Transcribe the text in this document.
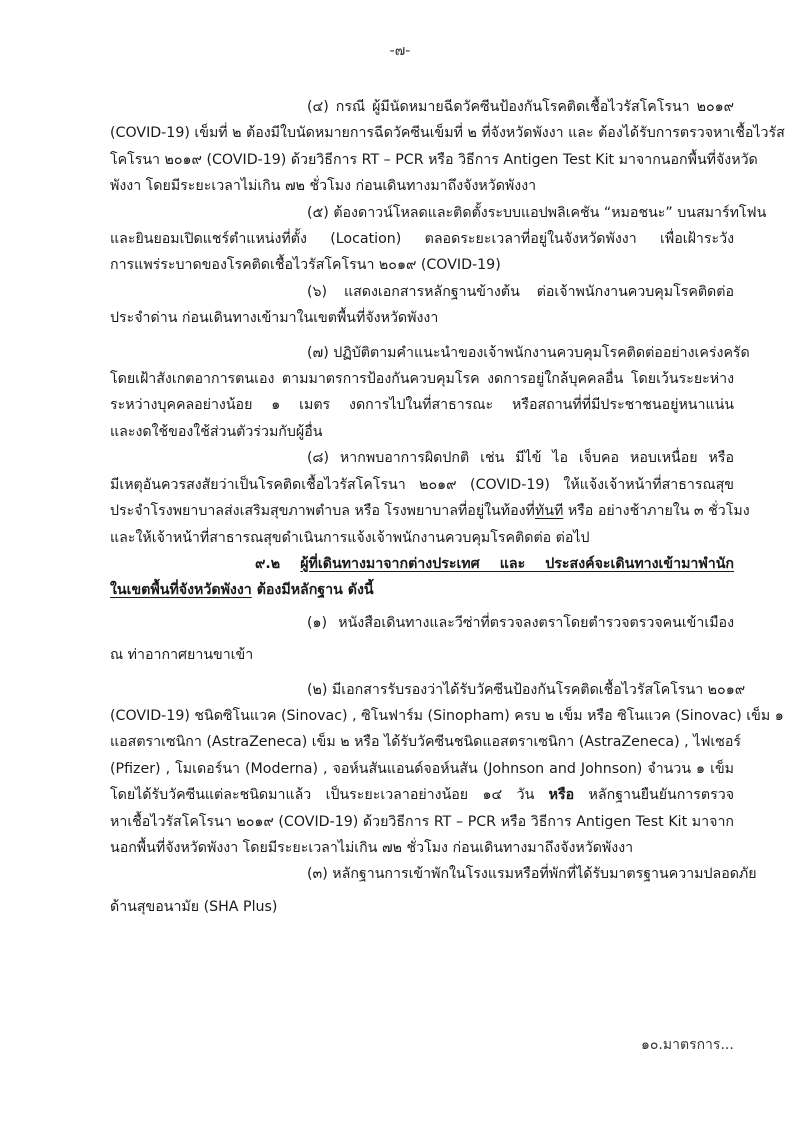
-๗-
(๔) กรณี ผู้มีนัดหมายฉีดวัคซีนป้องกันโรคติดเชื้อไวรัสโคโรนา ๒๐๑๙
(COVID-19) เข็มที่ ๒ ต้องมีใบนัดหมายการฉีดวัคซีนเข็มที่ ๒ ที่จังหวัดพังงา และ ต้องได้รับการตรวจหาเชื้อไวรัส
โคโรนา ๒๐๑๙ (COVID-19) ด้วยวิธีการ RT – PCR หรือ วิธีการ Antigen Test Kit มาจากนอกพื้นที่จังหวัด
พังงา โดยมีระยะเวลาไม่เกิน ๗๒ ชั่วโมง ก่อนเดินทางมาถึงจังหวัดพังงา
(๕) ต้องดาวน์โหลดและติดตั้งระบบแอปพลิเคชัน “หมอชนะ” บนสมาร์ทโฟน
และยินยอมเปิดแชร์ตำแหน่งที่ตั้ง (Location) ตลอดระยะเวลาที่อยู่ในจังหวัดพังงา เพื่อเฝ้าระวัง
การแพร่ระบาดของโรคติดเชื้อไวรัสโคโรนา ๒๐๑๙ (COVID-19)
(๖) แสดงเอกสารหลักฐานข้างต้น ต่อเจ้าพนักงานควบคุมโรคติดต่อ
ประจำด่าน ก่อนเดินทางเข้ามาในเขตพื้นที่จังหวัดพังงา
(๗) ปฏิบัติตามคำแนะนำของเจ้าพนักงานควบคุมโรคติดต่ออย่างเคร่งครัด
โดยเฝ้าสังเกตอาการตนเอง ตามมาตรการป้องกันควบคุมโรค งดการอยู่ใกล้บุคคลอื่น โดยเว้นระยะห่าง
ระหว่างบุคคลอย่างน้อย ๑ เมตร งดการไปในที่สาธารณะ หรือสถานที่ที่มีประชาชนอยู่หนาแน่น
และงดใช้ของใช้ส่วนตัวร่วมกับผู้อื่น
(๘) หากพบอาการผิดปกติ เช่น มีไข้ ไอ เจ็บคอ หอบเหนื่อย หรือ
มีเหตุอันควรสงสัยว่าเป็นโรคติดเชื้อไวรัสโคโรนา ๒๐๑๙ (COVID-19) ให้แจ้งเจ้าหน้าที่สาธารณสุข
ประจำโรงพยาบาลส่งเสริมสุขภาพตำบล หรือ โรงพยาบาลที่อยู่ในท้องที่ทันที หรือ อย่างช้าภายใน ๓ ชั่วโมง
และให้เจ้าหน้าที่สาธารณสุขดำเนินการแจ้งเจ้าพนักงานควบคุมโรคติดต่อ ต่อไป
๙.๒ ผู้ที่เดินทางมาจากต่างประเทศ และ ประสงค์จะเดินทางเข้ามาพำนัก
ในเขตพื้นที่จังหวัดพังงา ต้องมีหลักฐาน ดังนี้
(๑) หนังสือเดินทางและวีซ่าที่ตรวจลงตราโดยตำรวจตรวจคนเข้าเมือง
ณ ท่าอากาศยานขาเข้า
(๒) มีเอกสารรับรองว่าได้รับวัคซีนป้องกันโรคติดเชื้อไวรัสโคโรนา ๒๐๑๙
(COVID-19) ชนิดซิโนแวค (Sinovac) , ซิโนฟาร์ม (Sinopham) ครบ ๒ เข็ม หรือ ซิโนแวค (Sinovac) เข็ม ๑
แอสตราเซนิกา (AstraZeneca) เข็ม ๒ หรือ ได้รับวัคซีนชนิดแอสตราเซนิกา (AstraZeneca) , ไฟเซอร์
(Pfizer) , โมเดอร์นา (Moderna) , จอห์นสันแอนด์จอห์นสัน (Johnson and Johnson) จำนวน ๑ เข็ม
โดยได้รับวัคซีนแต่ละชนิดมาแล้ว เป็นระยะเวลาอย่างน้อย ๑๔ วัน หรือ หลักฐานยืนยันการตรวจ
หาเชื้อไวรัสโคโรนา ๒๐๑๙ (COVID-19) ด้วยวิธีการ RT – PCR หรือ วิธีการ Antigen Test Kit มาจาก
นอกพื้นที่จังหวัดพังงา โดยมีระยะเวลาไม่เกิน ๗๒ ชั่วโมง ก่อนเดินทางมาถึงจังหวัดพังงา
(๓) หลักฐานการเข้าพักในโรงแรมหรือที่พักที่ได้รับมาตรฐานความปลอดภัย
ด้านสุขอนามัย (SHA Plus)
๑๐.มาตรการ...
